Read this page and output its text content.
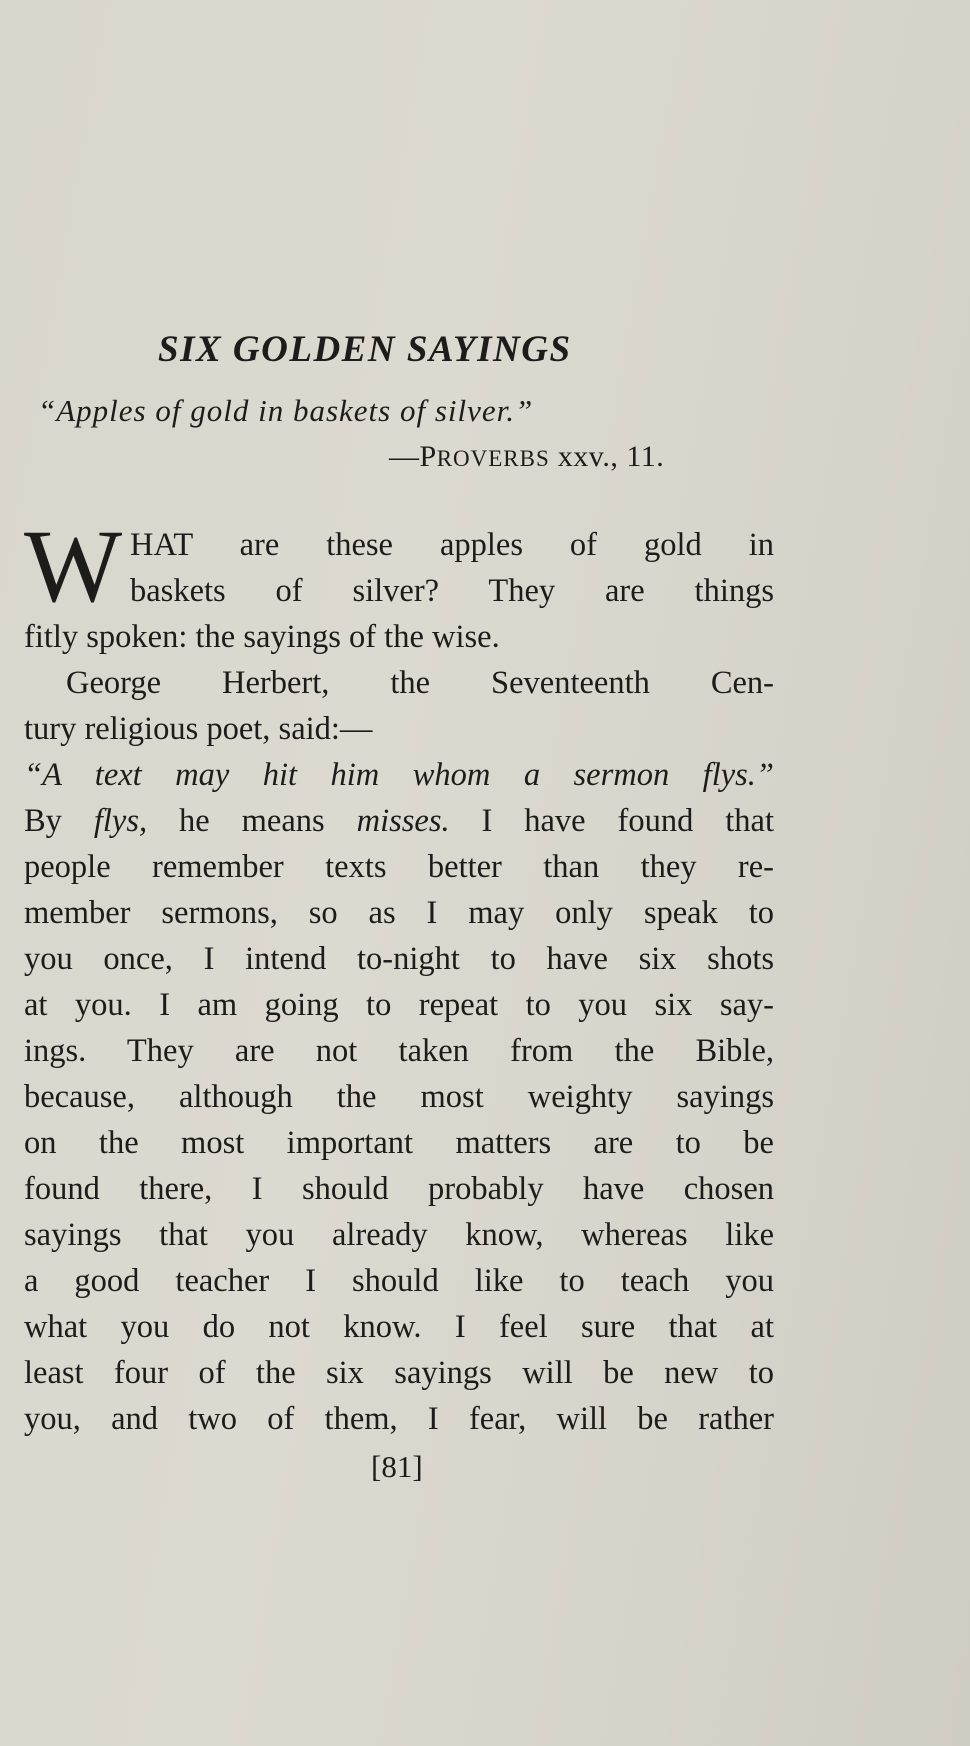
SIX GOLDEN SAYINGS
“Apples of gold in baskets of silver.”
—PROVERBS xxv., 11.
W HAT are these apples of gold in
baskets of silver? They are things
fitly spoken: the sayings of the wise.
George Herbert, the Seventeenth Cen-
tury religious poet, said:—
“A text may hit him whom a sermon flys.”
By flys, he means misses. I have found that
people remember texts better than they re-
member sermons, so as I may only speak to
you once, I intend to-night to have six shots
at you. I am going to repeat to you six say-
ings. They are not taken from the Bible,
because, although the most weighty sayings
on the most important matters are to be
found there, I should probably have chosen
sayings that you already know, whereas like
a good teacher I should like to teach you
what you do not know. I feel sure that at
least four of the six sayings will be new to
you, and two of them, I fear, will be rather
[81]
